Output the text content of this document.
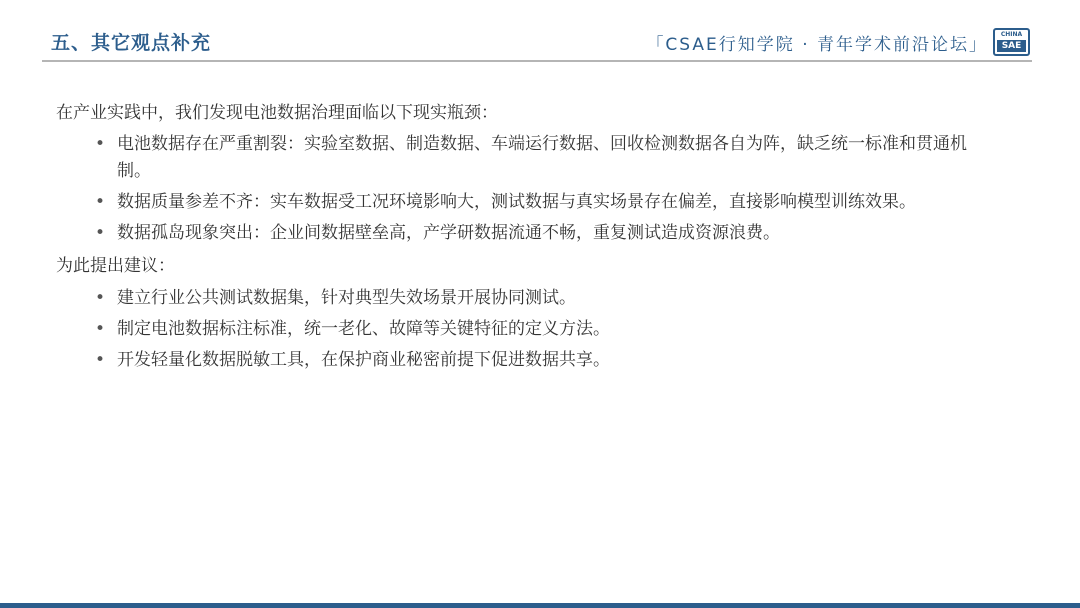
五、其它观点补充	「CSAE行知学院 · 青年学术前沿论坛」
CHINA
SAE

在产业实践中，我们发现电池数据治理面临以下现实瓶颈：

• 电池数据存在严重割裂：实验室数据、制造数据、车端运行数据、回收检测数据各自为阵，缺乏统一标准和贯通机制。
• 数据质量参差不齐：实车数据受工况环境影响大，测试数据与真实场景存在偏差，直接影响模型训练效果。
• 数据孤岛现象突出：企业间数据壁垒高，产学研数据流通不畅，重复测试造成资源浪费。

为此提出建议：

• 建立行业公共测试数据集，针对典型失效场景开展协同测试。
• 制定电池数据标注标准，统一老化、故障等关键特征的定义方法。
• 开发轻量化数据脱敏工具，在保护商业秘密前提下促进数据共享。
